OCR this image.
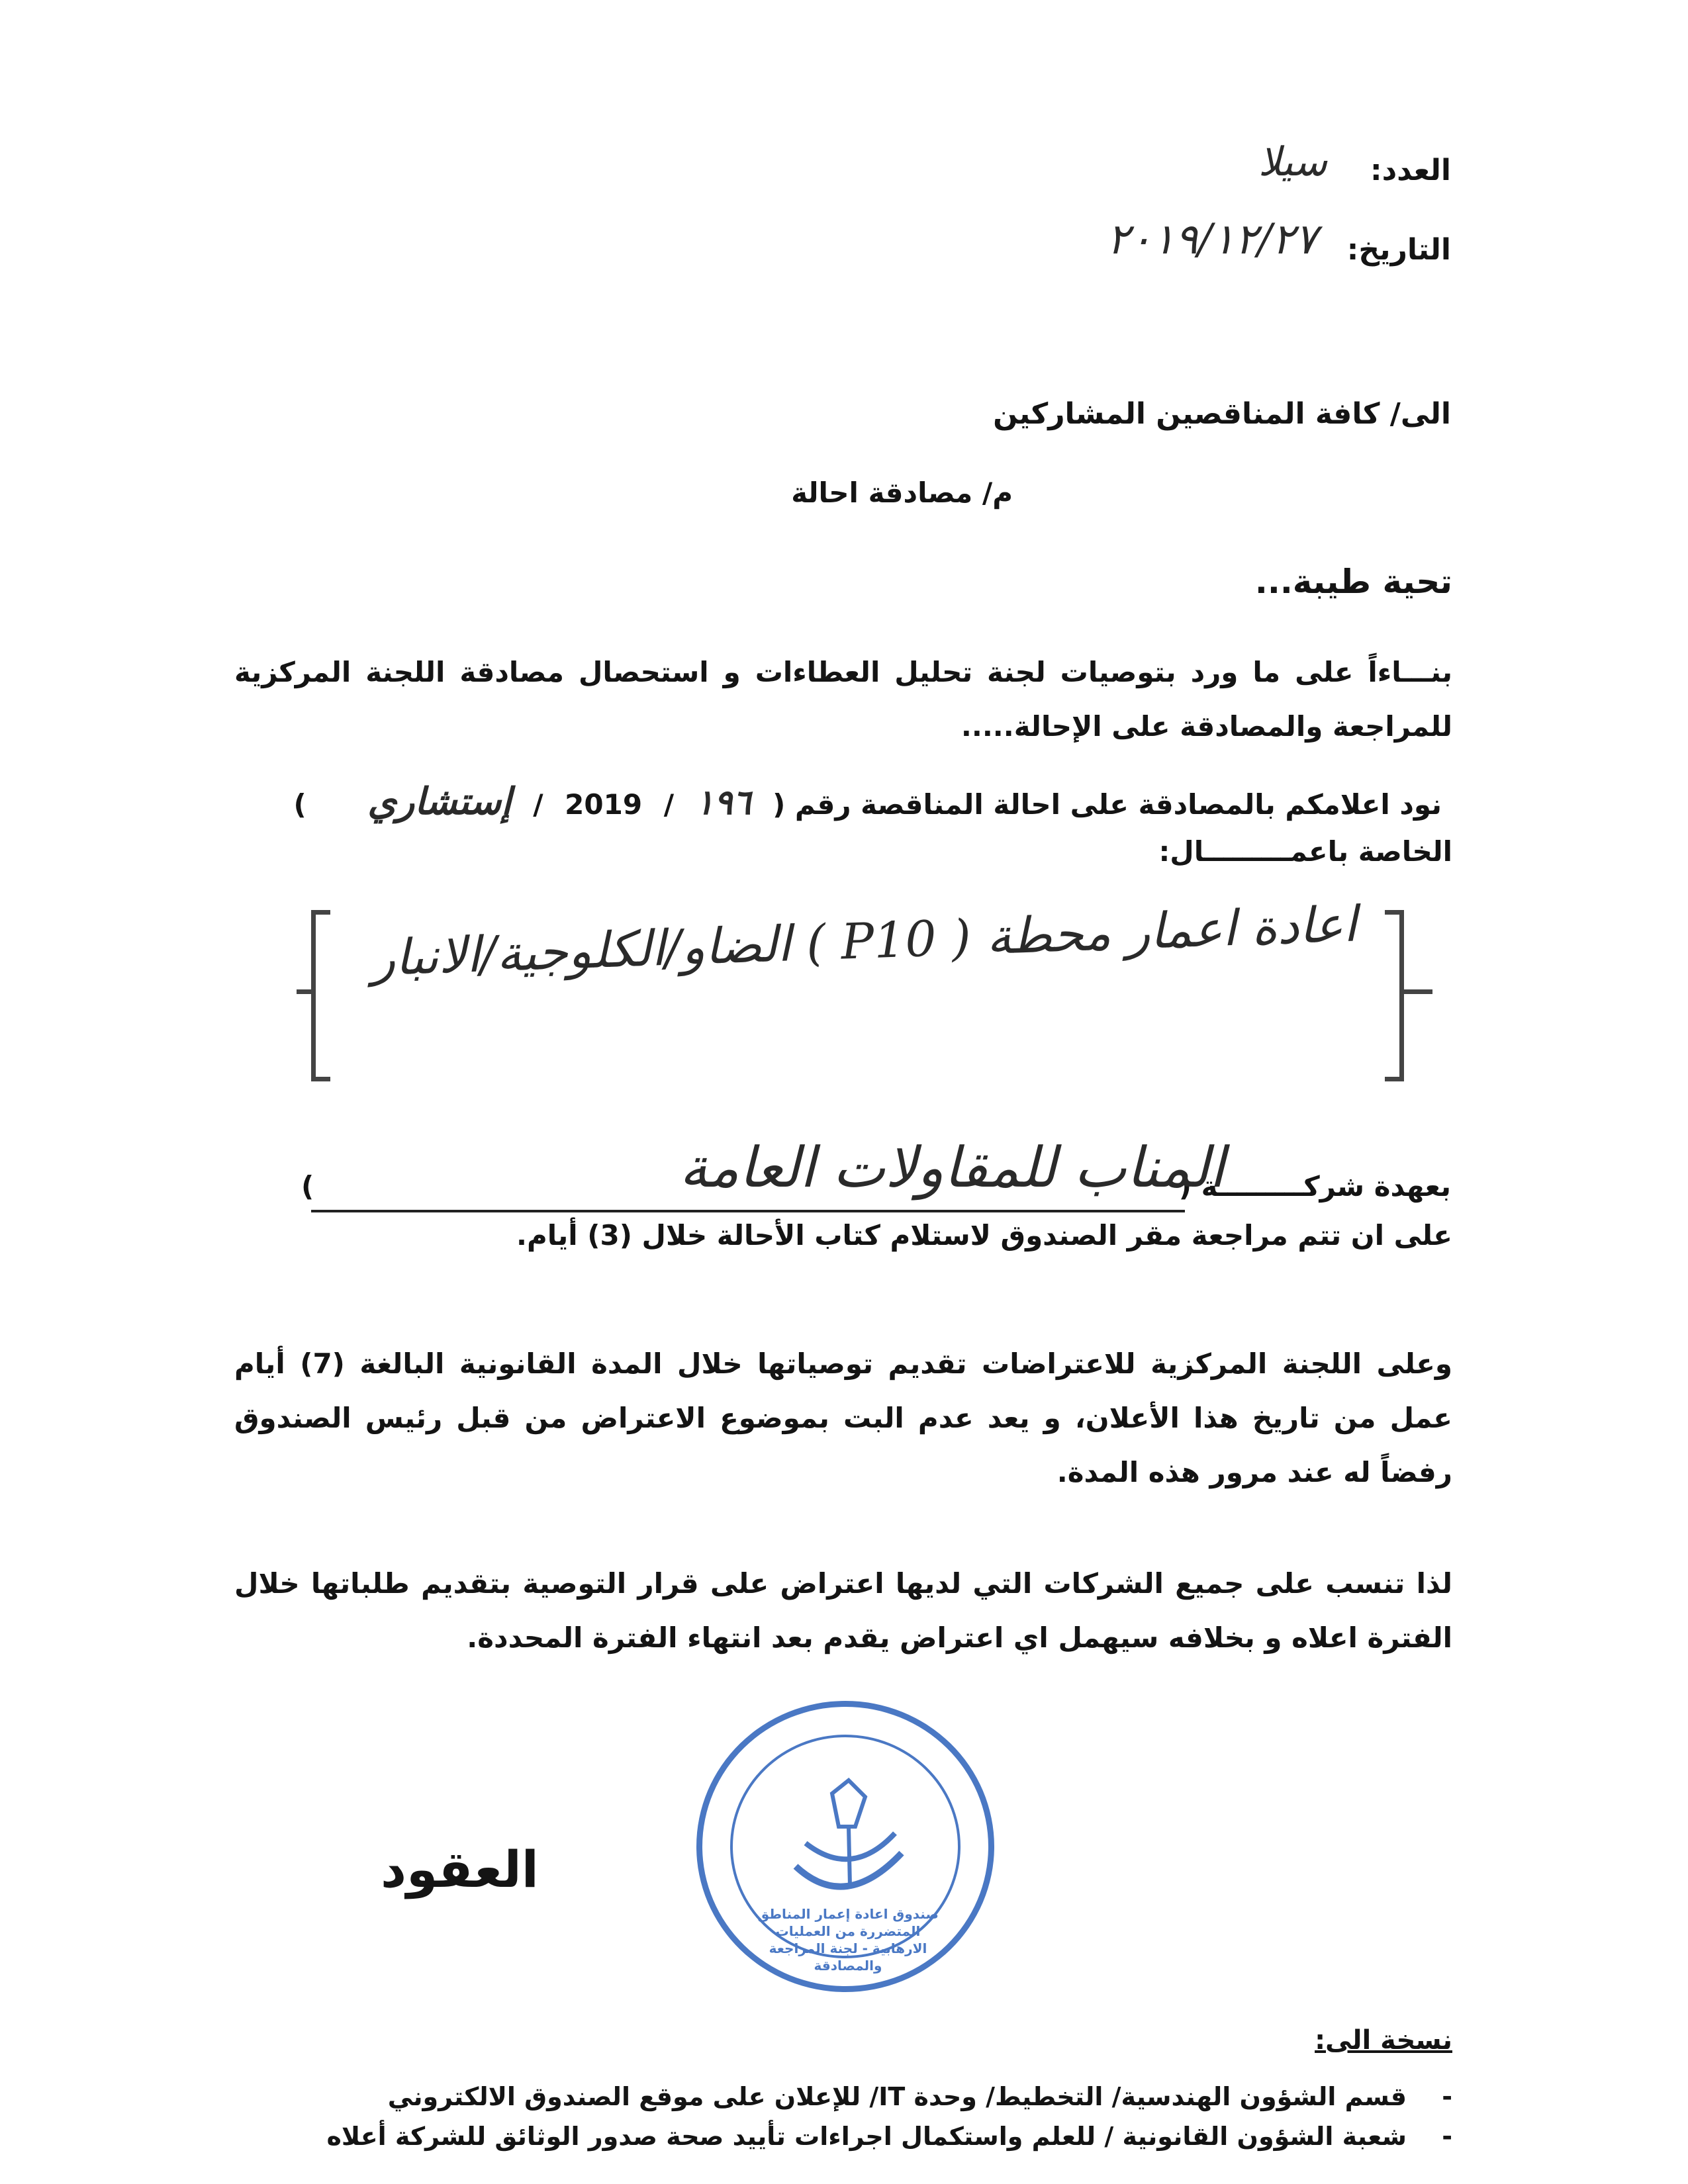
العدد:
سيلا
التاريخ:
٢٠١٩/١٢/٢٧
الى/ كافة المناقصين المشاركين
م/ مصادقة احالة
تحية طيبة...
بنـــاءاً على ما ورد بتوصيات لجنة تحليل العطاءات و استحصال مصادقة اللجنة المركزية للمراجعة والمصادقة على الإحالة.....
نود اعلامكم بالمصادقة على احالة المناقصة رقم ( ١٩٦ / 2019 / إستشاري )
الخاصة باعمـــــــــال:
اعادة اعمار محطة ( P10 ) الضاو/الكلوجية/الانبار
بعهدة شركـــــــــة (
المناب للمقاولات العامة
)
على ان تتم مراجعة مقر الصندوق لاستلام كتاب الأحالة خلال (3) أيام.
وعلى اللجنة المركزية للاعتراضات تقديم توصياتها خلال المدة القانونية البالغة (7) أيام عمل من تاريخ هذا الأعلان، و يعد عدم البت بموضوع الاعتراض من قبل رئيس الصندوق رفضاً له عند مرور هذه المدة.
لذا تنسب على جميع الشركات التي لديها اعتراض على قرار التوصية بتقديم طلباتها خلال الفترة اعلاه و بخلافه سيهمل اي اعتراض يقدم بعد انتهاء الفترة المحددة.
صندوق اعادة إعمار المناطق المتضررة من العمليات الارهابية - لجنة المراجعة والمصادقة
العقود
نسخة الى:
- قسم الشؤون الهندسية/ التخطيط/ وحدة IT/ للإعلان على موقع الصندوق الالكتروني
- شعبة الشؤون القانونية / للعلم واستكمال اجراءات تأييد صحة صدور الوثائق للشركة أعلاه
